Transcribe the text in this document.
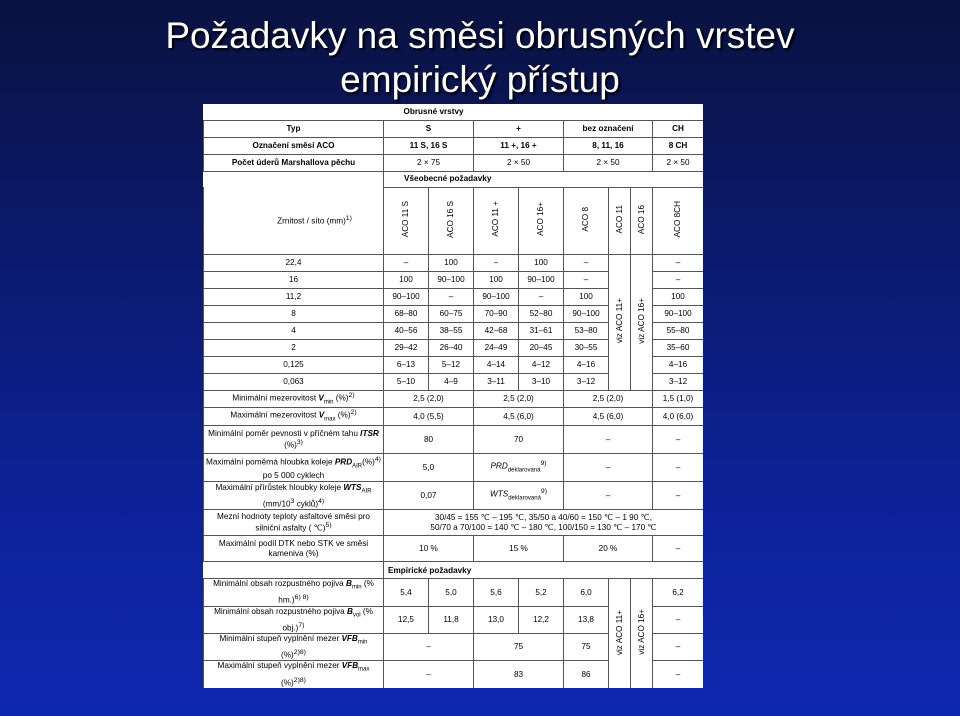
Požadavky na směsi obrusných vrstev
empirický přístup
	Obrusné vrstvy							
Typ	S		+		bez označení			CH
Označení směsí ACO	11 S, 16 S		11 +, 16 +		8, 11, 16			8 CH
Počet úderů Marshallova pěchu	2 × 75		2 × 50		2 × 50			2 × 50
	Všeobecné požadavky							
Zrnitost / síto (mm)$^{1)}$	ACO 11 S	ACO 16 S	ACO 11 +	ACO 16+	ACO 8	ACO 11	ACO 16	ACO 8CH
22,4	–	100	–	100	–	viz ACO 11+	viz ACO 16+	–
16	100	90–100	100	90–100	–			–
11,2	90–100	–	90–100	–	100			100
8	68–80	60–75	70–90	52–80	90–100			90–100
4	40–56	38–55	42–68	31–61	53–80			55–80
2	29–42	26–40	24–49	20–45	30–55			35–60
0,125	6–13	5–12	4–14	4–12	4–16			4–16
0,063	5–10	4–9	3–11	3–10	3–12			3–12
Minimální mezerovitost $V_{min}$ (%)$^{2)}$	2,5 (2,0)		2,5 (2,0)		2,5 (2,0)			1,5 (1,0)
Maximální mezerovitost $V_{max}$ (%)$^{2)}$	4,0 (5,5)		4,5 (6,0)		4,5 (6,0)			4,0 (6,0)
Minimální poměr pevnosti v příčném tahu ITSR (%)$^{3)}$	80		70		–			–
Maximální poměrná hloubka koleje $PRD_{AIR}(\%)^{4)}$ po 5 000 cyklech	5,0		$PRD_{deklarovaná}^{9)}$		–			–
Maximální přírůstek hloubky koleje $WTS_{AIR}$ ($mm/10^3$ cyklů)$^{4)}$	0,07		$WTS_{deklarovaná}^{9)}$		–			–
Mezní hodnoty teploty asfaltové směsi pro silniční asfalty ( ℃)$^{5)}$	30/45 = 155 ℃ – 195 ℃, 35/50 a 40/60 = 150 ℃ – 1 90 ℃,
50/70 a 70/100 = 140 ℃ – 180 ℃, 100/150 = 130 ℃ – 170 ℃							

Maximální podíl DTK nebo STK ve směsi kameniva (%)	10 %		15 %		20 %			–
	Empirické požadavky							
Minimální obsah rozpustného pojiva $B_{min}$ (% hm.)$^{6) 8)}$	5,4	5,0	5,6	5,2	6,0	viz ACO 11+	viz ACO 16+	6,2
Minimální obsah rozpustného pojiva $B_{vol}$ (% obj.)$^{7)}$	12,5	11,8	13,0	12,2	13,8			–
Minimální stupeň vyplnění mezer $VFB_{min}$ (%)$^{2)8)}$	–		75		75			–
Maximální stupeň vyplnění mezer $VFB_{max}$ (%)$^{2)8)}$	–		83		86			–
